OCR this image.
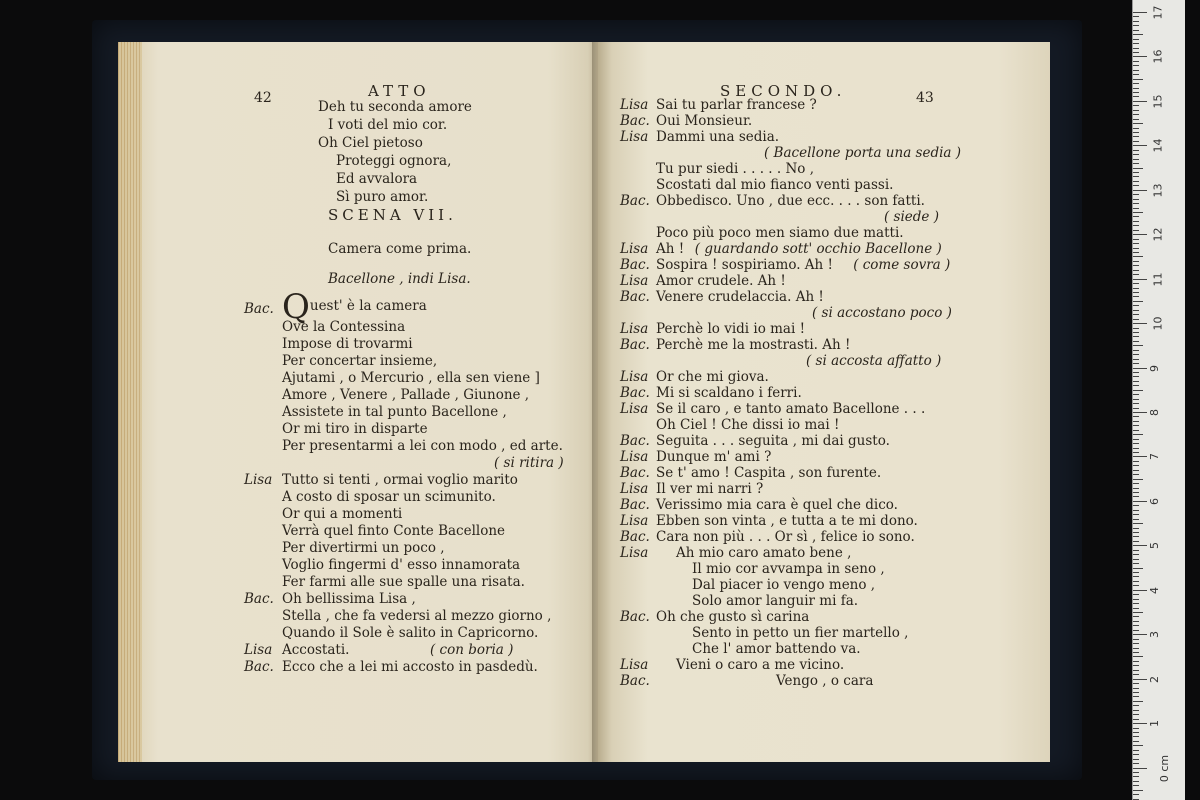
42	ATTO
Deh tu seconda amore
I voti del mio cor.
Oh Ciel pietoso
Proteggi ognora,
Ed avvalora
Sì puro amor.
SCENA VII.
Camera come prima.
Bacellone , indi Lisa.
Bac. Quest' è la camera
Ove la Contessina
Impose di trovarmi
Per concertar insieme,
Ajutami , o Mercurio , ella sen viene ]
Amore , Venere , Pallade , Giunone ,
Assistete in tal punto Bacellone ,
Or mi tiro in disparte
Per presentarmi a lei con modo , ed arte.
( si ritira )
Lisa Tutto si tenti , ormai voglio marito
A costo di sposar un scimunito.
Or qui a momenti
Verrà quel finto Conte Bacellone
Per divertirmi un poco ,
Voglio fingermi d' esso innamorata
Fer farmi alle sue spalle una risata.
Bac. Oh bellissima Lisa ,
Stella , che fa vedersi al mezzo giorno ,
Quando il Sole è salito in Capricorno.
Lisa Accostati.	( con boria )
Bac. Ecco che a lei mi accosto in pasdedù.
SECONDO.	43
Lisa Sai tu parlar francese ?
Bac. Oui Monsieur.
Lisa Dammi una sedia.
( Bacellone porta una sedia )
Tu pur siedi . . . . . No ,
Scostati dal mio fianco venti passi.
Bac. Obbedisco. Uno , due ecc. . . . son fatti.
( siede )
Poco più poco men siamo due matti.
Lisa Ah ! ( guardando sott' occhio Bacellone )
Bac. Sospira ! sospiriamo. Ah ! ( come sovra )
Lisa Amor crudele. Ah !
Bac. Venere crudelaccia. Ah !
( si accostano poco )
Lisa Perchè lo vidi io mai !
Bac. Perchè me la mostrasti. Ah !
( si accosta affatto )
Lisa Or che mi giova.
Bac. Mi si scaldano i ferri.
Lisa Se il caro , e tanto amato Bacellone . . .
Oh Ciel ! Che dissi io mai !
Bac. Seguita . . . seguita , mi dai gusto.
Lisa Dunque m' ami ?
Bac. Se t' amo ! Caspita , son furente.
Lisa Il ver mi narri ?
Bac. Verissimo mia cara è quel che dico.
Lisa Ebben son vinta , e tutta a te mi dono.
Bac. Cara non più . . . Or sì , felice io sono.
Lisa Ah mio caro amato bene ,
Il mio cor avvampa in seno ,
Dal piacer io vengo meno ,
Solo amor languir mi fa.
Bac. Oh che gusto sì carina
Sento in petto un fier martello ,
Che l' amor battendo va.
Lisa Vieni o caro a me vicino.
Bac.	Vengo , o cara
17
16
15
14
13
12
11
10
9
8
7
6
5
4
3
2
1
0 cm
